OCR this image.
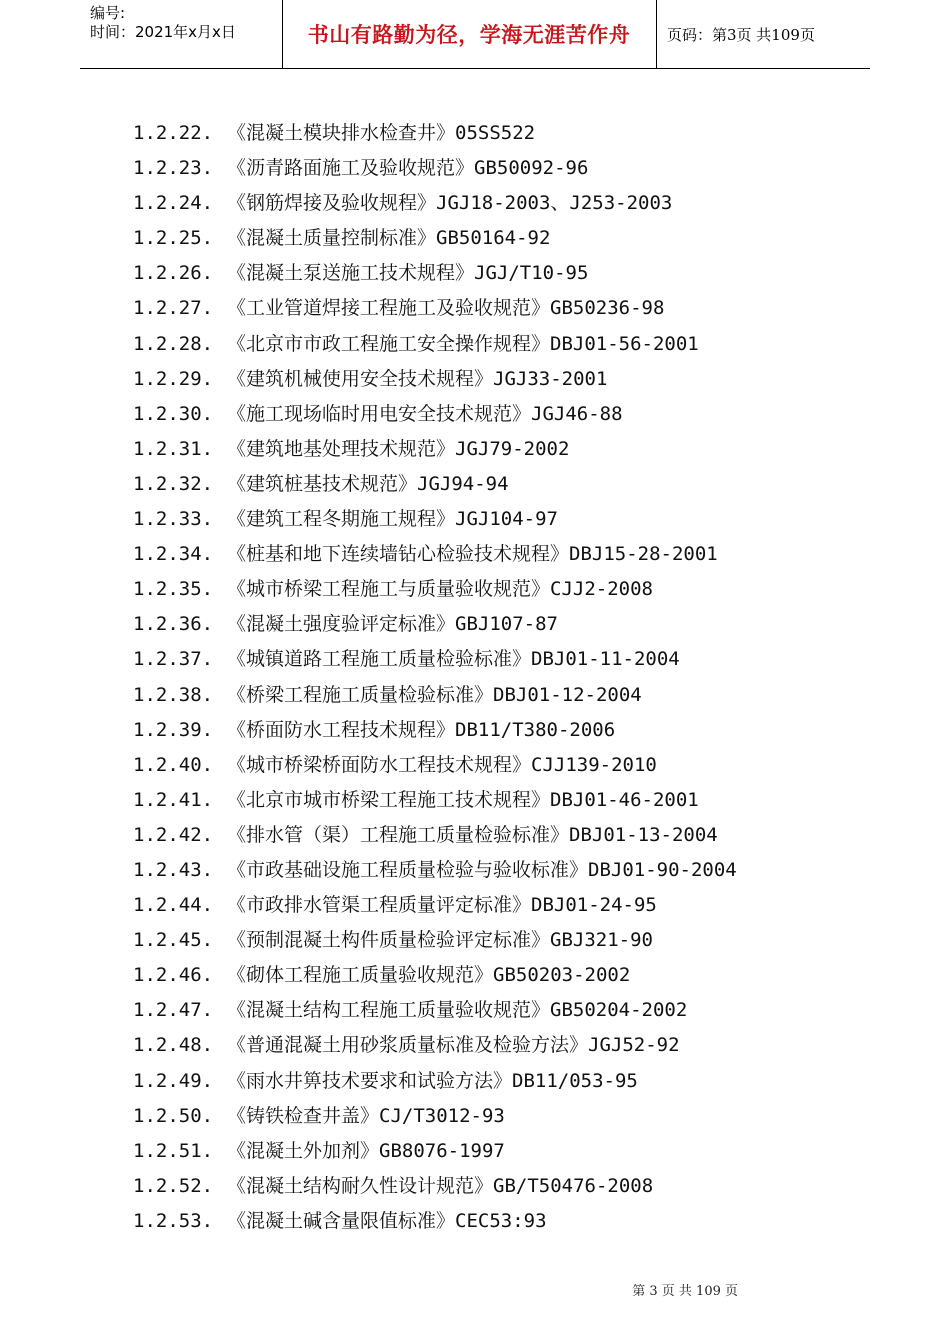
编号:
时间：2021年x月x日	书山有路勤为径，学海无涯苦作舟 页码：第3页 共109页
1.2.22. 《混凝土模块排水检查井》05SS522
1.2.23. 《沥青路面施工及验收规范》GB50092-96
1.2.24. 《钢筋焊接及验收规程》JGJ18-2003、J253-2003
1.2.25. 《混凝土质量控制标准》GB50164-92
1.2.26. 《混凝土泵送施工技术规程》JGJ/T10-95
1.2.27. 《工业管道焊接工程施工及验收规范》GB50236-98
1.2.28. 《北京市市政工程施工安全操作规程》DBJ01-56-2001
1.2.29. 《建筑机械使用安全技术规程》JGJ33-2001
1.2.30. 《施工现场临时用电安全技术规范》JGJ46-88
1.2.31. 《建筑地基处理技术规范》JGJ79-2002
1.2.32. 《建筑桩基技术规范》JGJ94-94
1.2.33. 《建筑工程冬期施工规程》JGJ104-97
1.2.34. 《桩基和地下连续墙钻心检验技术规程》DBJ15-28-2001
1.2.35. 《城市桥梁工程施工与质量验收规范》CJJ2-2008
1.2.36. 《混凝土强度验评定标准》GBJ107-87
1.2.37. 《城镇道路工程施工质量检验标准》DBJ01-11-2004
1.2.38. 《桥梁工程施工质量检验标准》DBJ01-12-2004
1.2.39. 《桥面防水工程技术规程》DB11/T380-2006
1.2.40. 《城市桥梁桥面防水工程技术规程》CJJ139-2010
1.2.41. 《北京市城市桥梁工程施工技术规程》DBJ01-46-2001
1.2.42. 《排水管（渠）工程施工质量检验标准》DBJ01-13-2004
1.2.43. 《市政基础设施工程质量检验与验收标准》DBJ01-90-2004
1.2.44. 《市政排水管渠工程质量评定标准》DBJ01-24-95
1.2.45. 《预制混凝土构件质量检验评定标准》GBJ321-90
1.2.46. 《砌体工程施工质量验收规范》GB50203-2002
1.2.47. 《混凝土结构工程施工质量验收规范》GB50204-2002
1.2.48. 《普通混凝土用砂浆质量标准及检验方法》JGJ52-92
1.2.49. 《雨水井箅技术要求和试验方法》DB11/053-95
1.2.50. 《铸铁检查井盖》CJ/T3012-93
1.2.51. 《混凝土外加剂》GB8076-1997
1.2.52. 《混凝土结构耐久性设计规范》GB/T50476-2008
1.2.53. 《混凝土碱含量限值标准》CEC53:93
第 3 页 共 109 页
